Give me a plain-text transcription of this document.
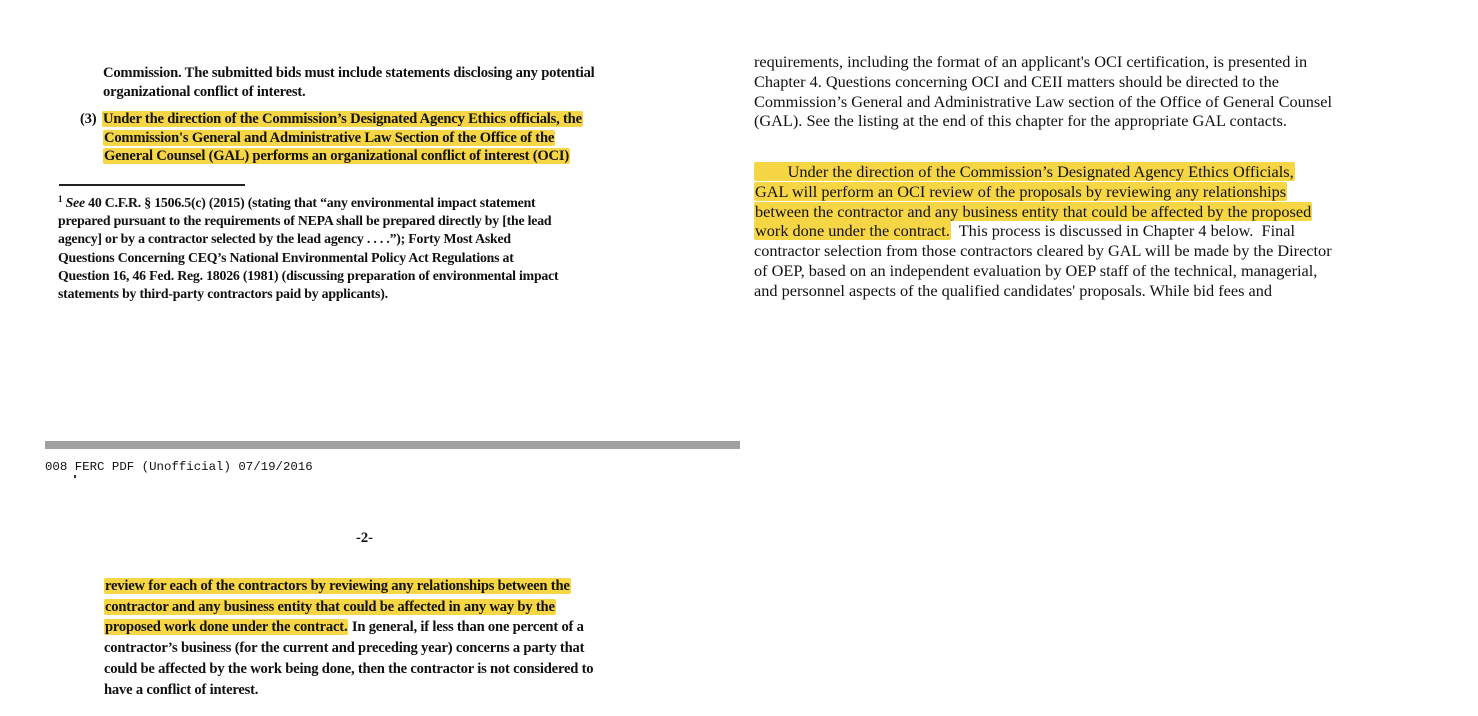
Commission. The submitted bids must include statements disclosing any potential
organizational conflict of interest.
(3) Under the direction of the Commission’s Designated Agency Ethics officials, the
Commission's General and Administrative Law Section of the Office of the
General Counsel (GAL) performs an organizational conflict of interest (OCI)
$^1$ See 40 C.F.R. § 1506.5(c) (2015) (stating that “any environmental impact statement
prepared pursuant to the requirements of NEPA shall be prepared directly by [the lead
agency] or by a contractor selected by the lead agency . . . .”); Forty Most Asked
Questions Concerning CEQ’s National Environmental Policy Act Regulations at
Question 16, 46 Fed. Reg. 18026 (1981) (discussing preparation of environmental impact
statements by third-party contractors paid by applicants).
008 FERC PDF (Unofficial) 07/19/2016
-2-
review for each of the contractors by reviewing any relationships between the
contractor and any business entity that could be affected in any way by the
proposed work done under the contract. In general, if less than one percent of a
contractor’s business (for the current and preceding year) concerns a party that
could be affected by the work being done, then the contractor is not considered to
have a conflict of interest.
requirements, including the format of an applicant's OCI certification, is presented in
Chapter 4. Questions concerning OCI and CEII matters should be directed to the
Commission’s General and Administrative Law section of the Office of General Counsel
(GAL). See the listing at the end of this chapter for the appropriate GAL contacts.
Under the direction of the Commission’s Designated Agency Ethics Officials,
GAL will perform an OCI review of the proposals by reviewing any relationships
between the contractor and any business entity that could be affected by the proposed
work done under the contract.  This process is discussed in Chapter 4 below.  Final
contractor selection from those contractors cleared by GAL will be made by the Director
of OEP, based on an independent evaluation by OEP staff of the technical, managerial,
and personnel aspects of the qualified candidates' proposals. While bid fees and
